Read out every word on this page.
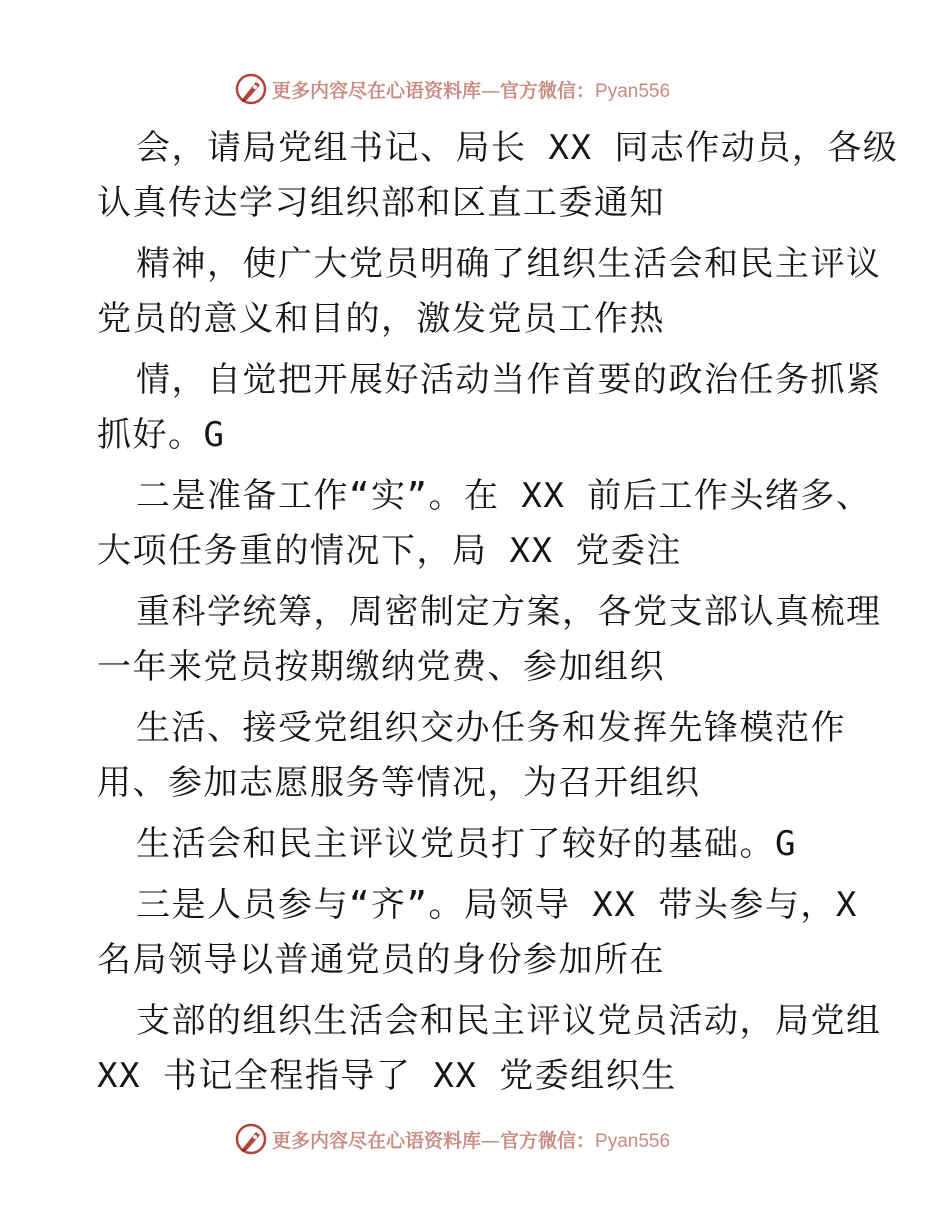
更多内容尽在心语资料库—官方微信：Pyan556
会，请局党组书记、局长 XX 同志作动员，各级
认真传达学习组织部和区直工委通知
精神，使广大党员明确了组织生活会和民主评议
党员的意义和目的，激发党员工作热
情，自觉把开展好活动当作首要的政治任务抓紧
抓好。G
二是准备工作“实”。在 XX 前后工作头绪多、
大项任务重的情况下，局 XX 党委注
重科学统筹，周密制定方案，各党支部认真梳理
一年来党员按期缴纳党费、参加组织
生活、接受党组织交办任务和发挥先锋模范作
用、参加志愿服务等情况，为召开组织
生活会和民主评议党员打了较好的基础。G
三是人员参与“齐”。局领导 XX 带头参与，X
名局领导以普通党员的身份参加所在
支部的组织生活会和民主评议党员活动，局党组
XX 书记全程指导了 XX 党委组织生
更多内容尽在心语资料库—官方微信：Pyan556
